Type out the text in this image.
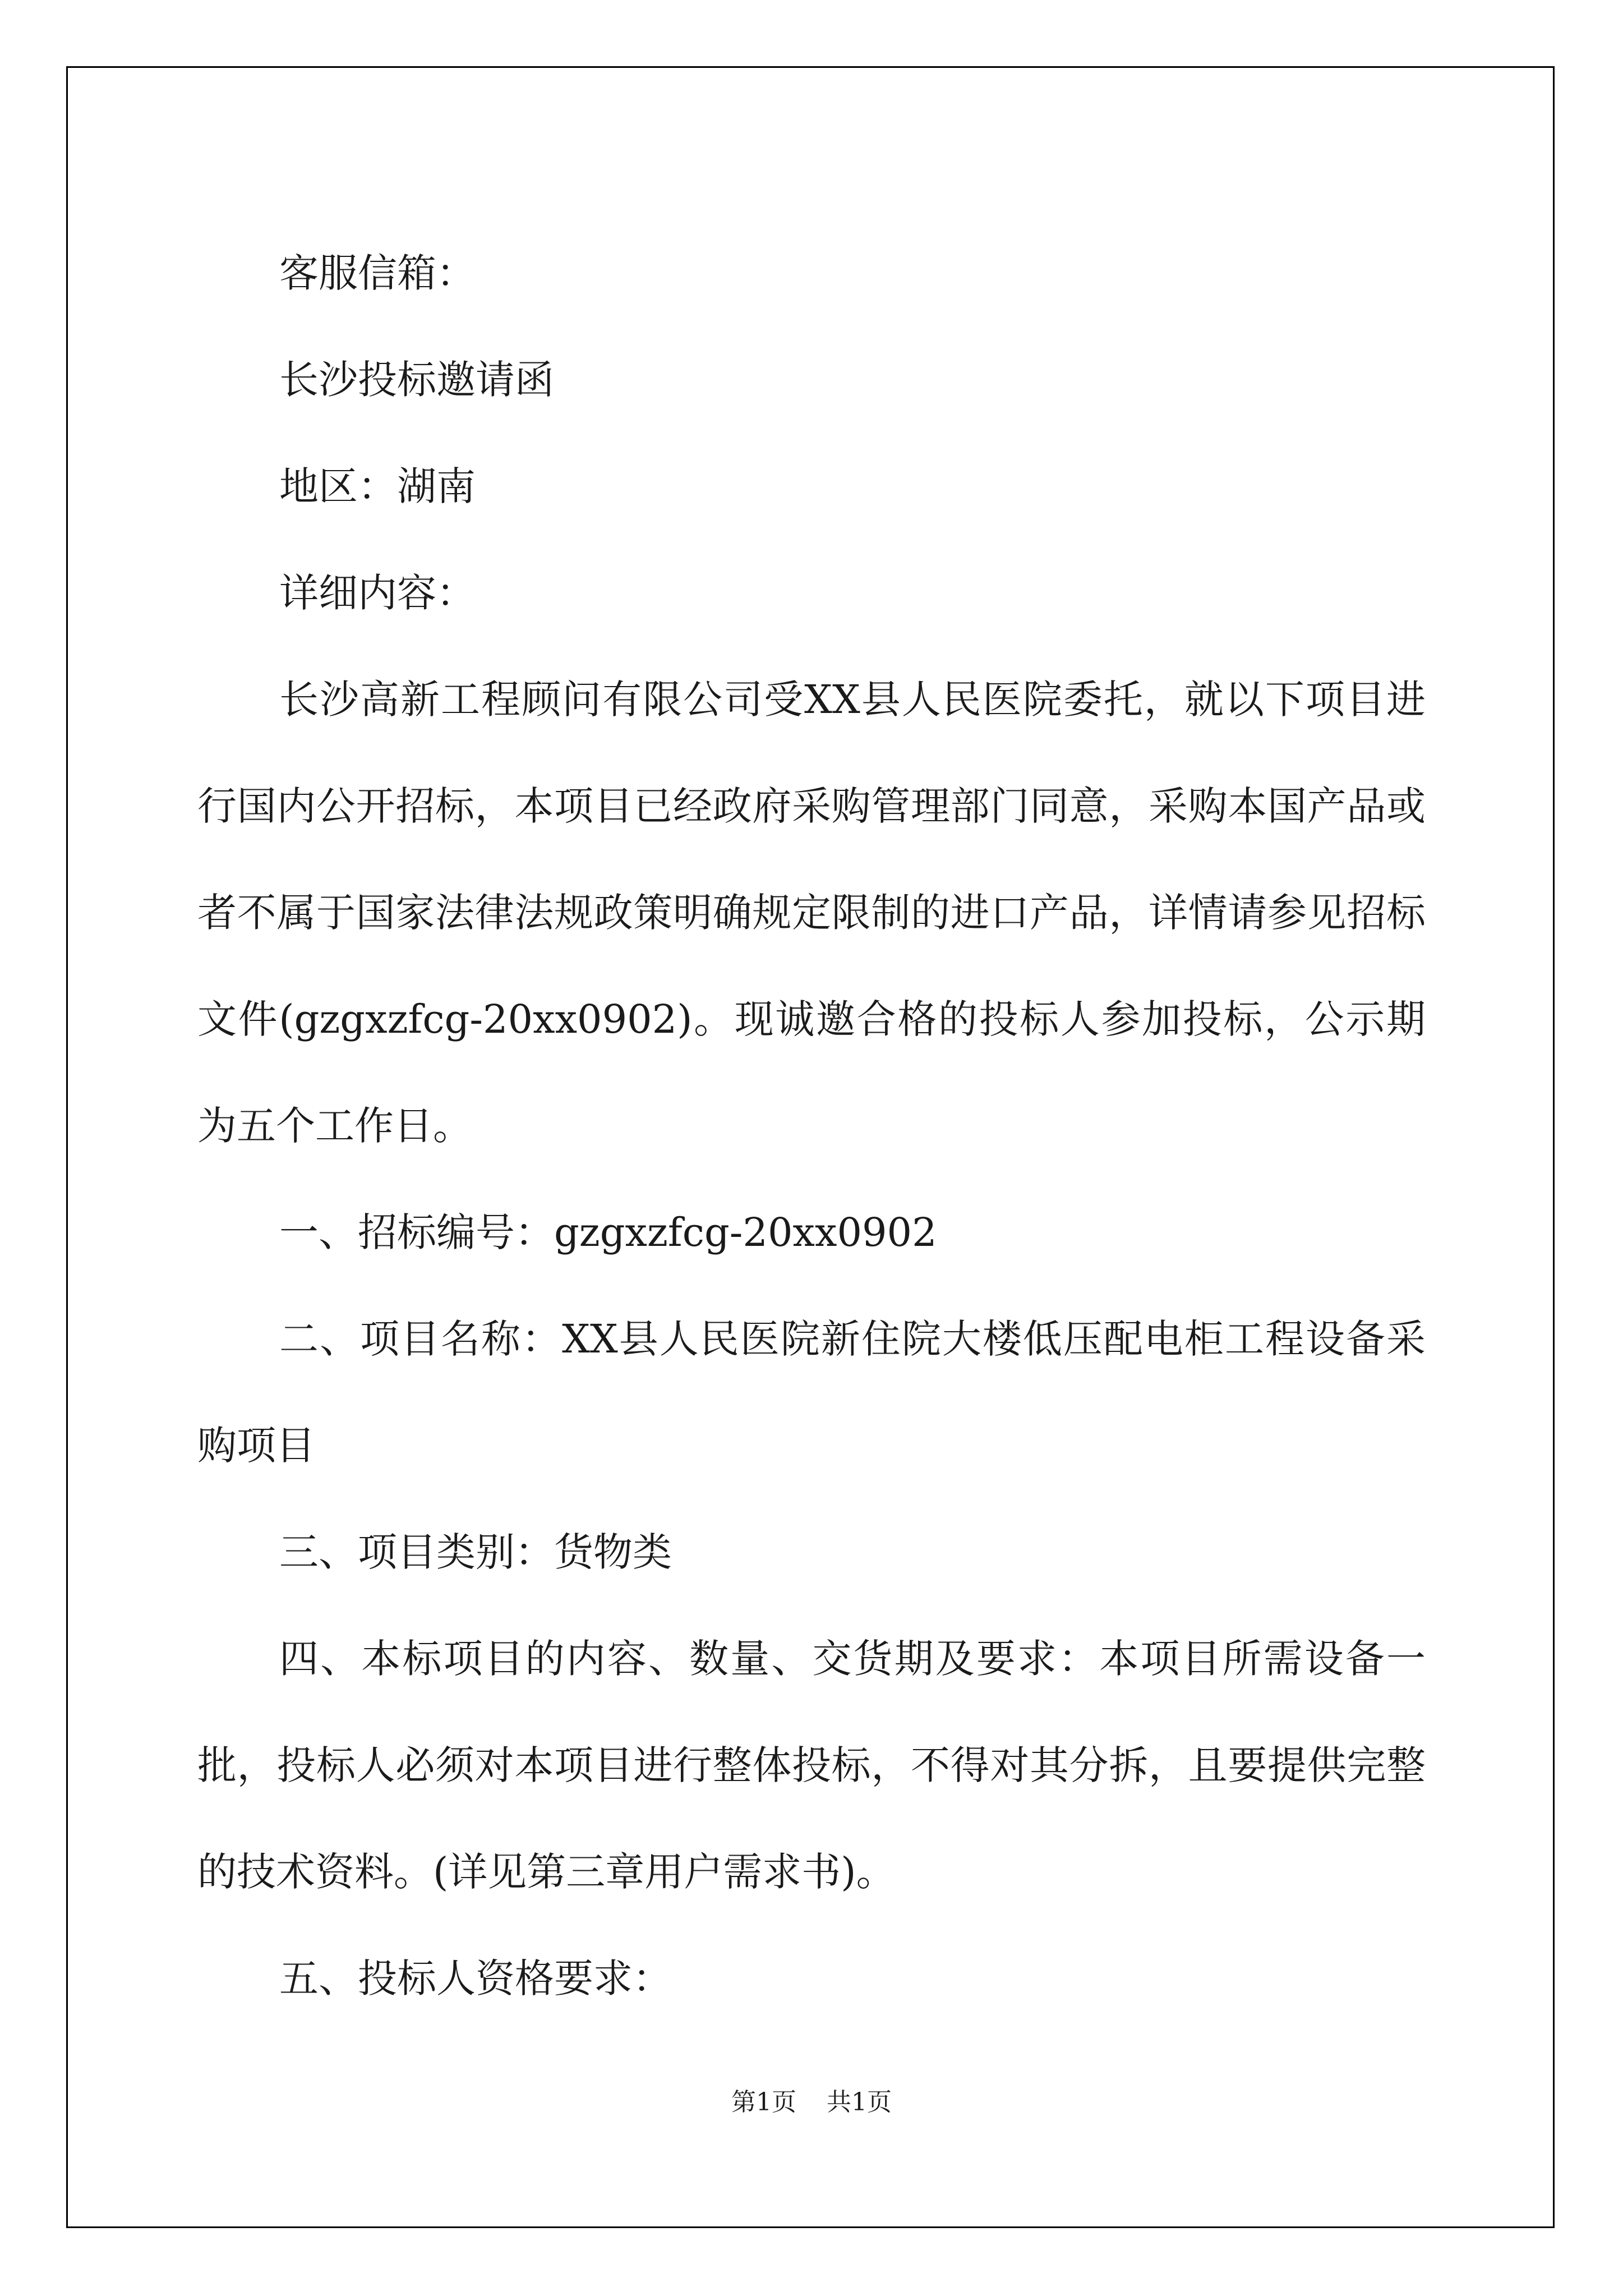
客服信箱：

长沙投标邀请函

地区：湖南

详细内容：

长沙高新工程顾问有限公司受XX县人民医院委托，就以下项目进行国内公开招标，本项目已经政府采购管理部门同意，采购本国产品或者不属于国家法律法规政策明确规定限制的进口产品，详情请参见招标文件(gzgxzfcg-20xx0902)。现诚邀合格的投标人参加投标，公示期为五个工作日。

一、招标编号：gzgxzfcg-20xx0902

二、项目名称：XX县人民医院新住院大楼低压配电柜工程设备采购项目

三、项目类别：货物类

四、本标项目的内容、数量、交货期及要求：本项目所需设备一批，投标人必须对本项目进行整体投标，不得对其分拆，且要提供完整的技术资料。(详见第三章用户需求书)。

五、投标人资格要求：

第1页 共1页
